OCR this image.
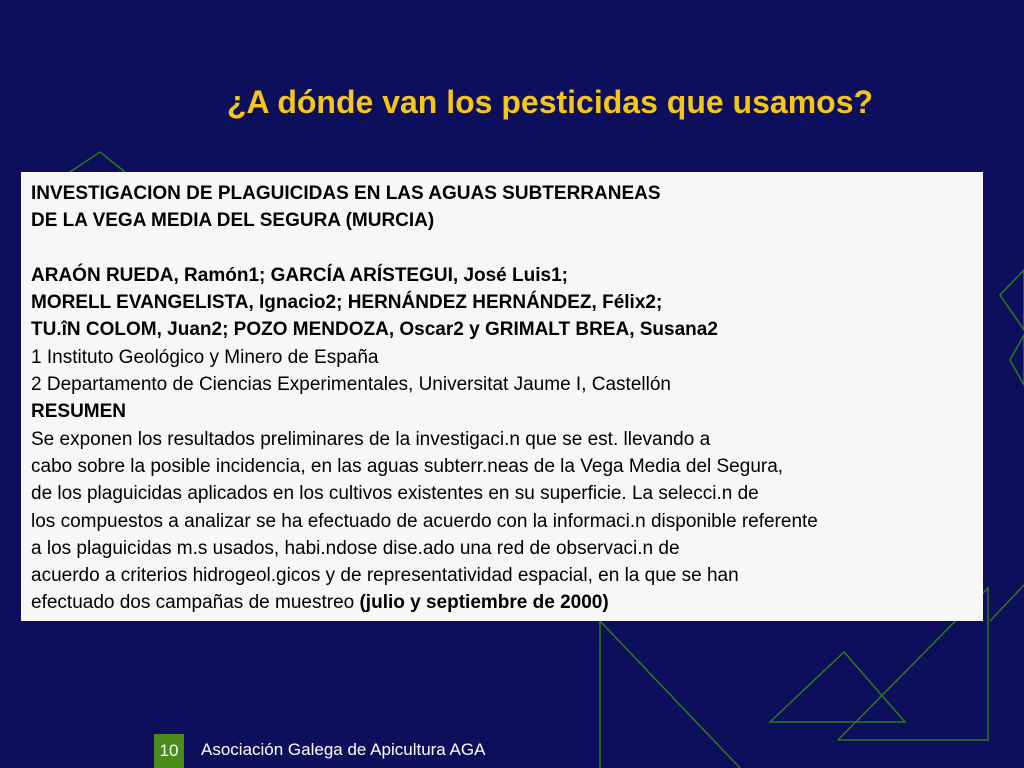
¿A dónde van los pesticidas que usamos?
INVESTIGACION DE PLAGUICIDAS EN LAS AGUAS SUBTERRANEAS
DE LA VEGA MEDIA DEL SEGURA (MURCIA)
ARAÓN RUEDA, Ramón1; GARCÍA ARÍSTEGUI, José Luis1;
MORELL EVANGELISTA, Ignacio2; HERNÁNDEZ HERNÁNDEZ, Félix2;
TU.îN COLOM, Juan2; POZO MENDOZA, Oscar2 y GRIMALT BREA, Susana2
1 Instituto Geológico y Minero de España
2 Departamento de Ciencias Experimentales, Universitat Jaume I, Castellón
RESUMEN
Se exponen los resultados preliminares de la investigaci.n que se est. llevando a
cabo sobre la posible incidencia, en las aguas subterr.neas de la Vega Media del Segura,
de los plaguicidas aplicados en los cultivos existentes en su superficie. La selecci.n de
los compuestos a analizar se ha efectuado de acuerdo con la informaci.n disponible referente
a los plaguicidas m.s usados, habi.ndose dise.ado una red de observaci.n de
acuerdo a criterios hidrogeol.gicos y de representatividad espacial, en la que se han
efectuado dos campañas de muestreo (julio y septiembre de 2000)
10	Asociación Galega de Apicultura AGA
